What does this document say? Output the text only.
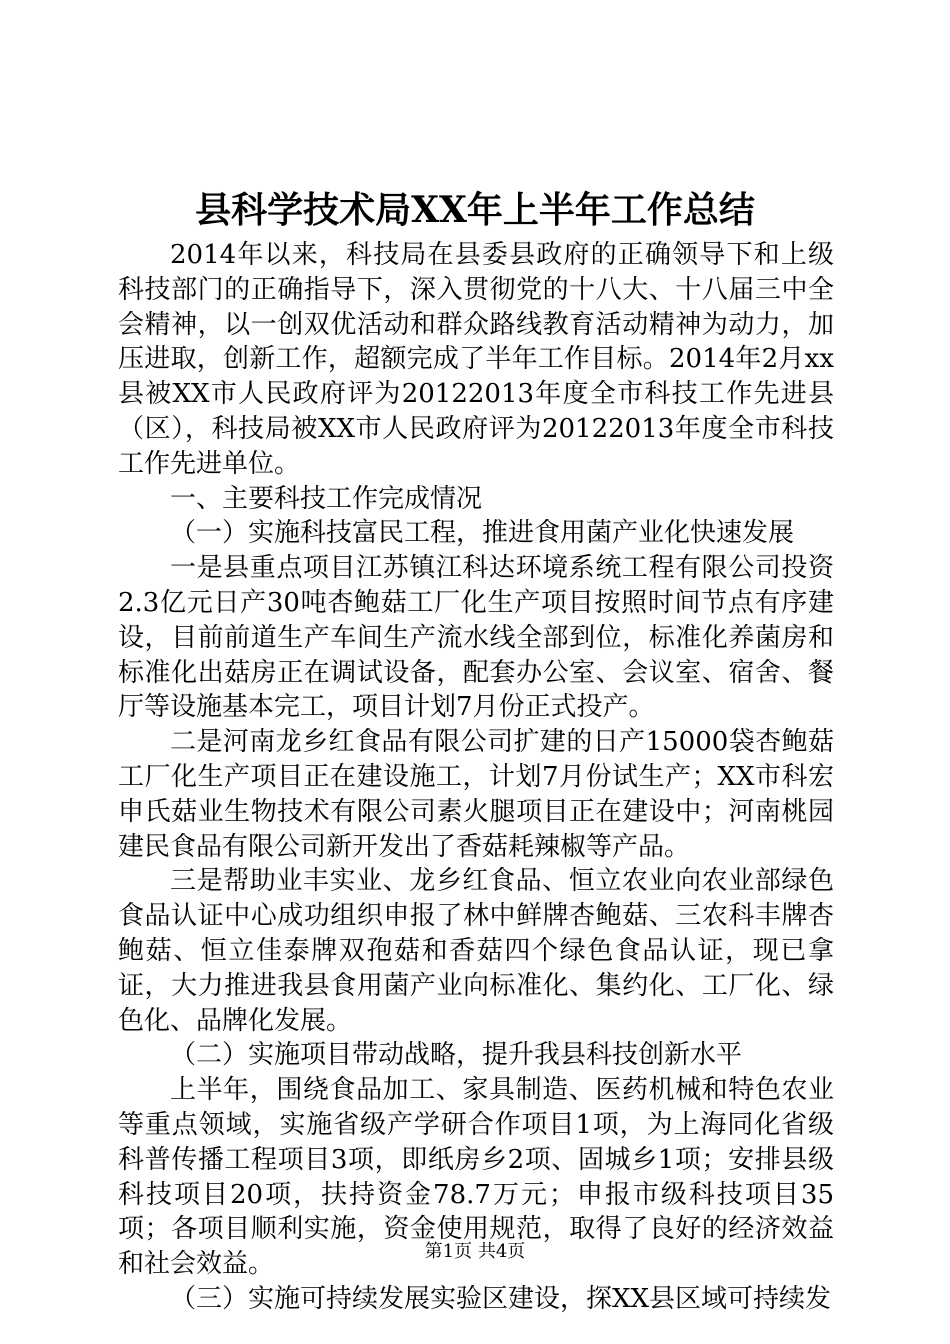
县科学技术局XX年上半年工作总结

2014年以来，科技局在县委县政府的正确领导下和上级科技部门的正确指导下，深入贯彻党的十八大、十八届三中全会精神，以一创双优活动和群众路线教育活动精神为动力，加压进取，创新工作，超额完成了半年工作目标。2014年2月xx县被XX市人民政府评为20122013年度全市科技工作先进县（区），科技局被XX市人民政府评为20122013年度全市科技工作先进单位。

一、主要科技工作完成情况

（一）实施科技富民工程，推进食用菌产业化快速发展

一是县重点项目江苏镇江科达环境系统工程有限公司投资2.3亿元日产30吨杏鲍菇工厂化生产项目按照时间节点有序建设，目前前道生产车间生产流水线全部到位，标准化养菌房和标准化出菇房正在调试设备，配套办公室、会议室、宿舍、餐厅等设施基本完工，项目计划7月份正式投产。

二是河南龙乡红食品有限公司扩建的日产15000袋杏鲍菇工厂化生产项目正在建设施工，计划7月份试生产；XX市科宏申氏菇业生物技术有限公司素火腿项目正在建设中；河南桃园建民食品有限公司新开发出了香菇耗辣椒等产品。

三是帮助业丰实业、龙乡红食品、恒立农业向农业部绿色食品认证中心成功组织申报了林中鲜牌杏鲍菇、三农科丰牌杏鲍菇、恒立佳泰牌双孢菇和香菇四个绿色食品认证，现已拿证，大力推进我县食用菌产业向标准化、集约化、工厂化、绿色化、品牌化发展。

（二）实施项目带动战略，提升我县科技创新水平

上半年，围绕食品加工、家具制造、医药机械和特色农业等重点领域，实施省级产学研合作项目1项，为上海同化省级科普传播工程项目3项，即纸房乡2项、固城乡1项；安排县级科技项目20项，扶持资金78.7万元；申报市级科技项目35项；各项目顺利实施，资金使用规范，取得了良好的经济效益和社会效益。

（三）实施可持续发展实验区建设，探XX县区域可持续发

第1页 共4页
